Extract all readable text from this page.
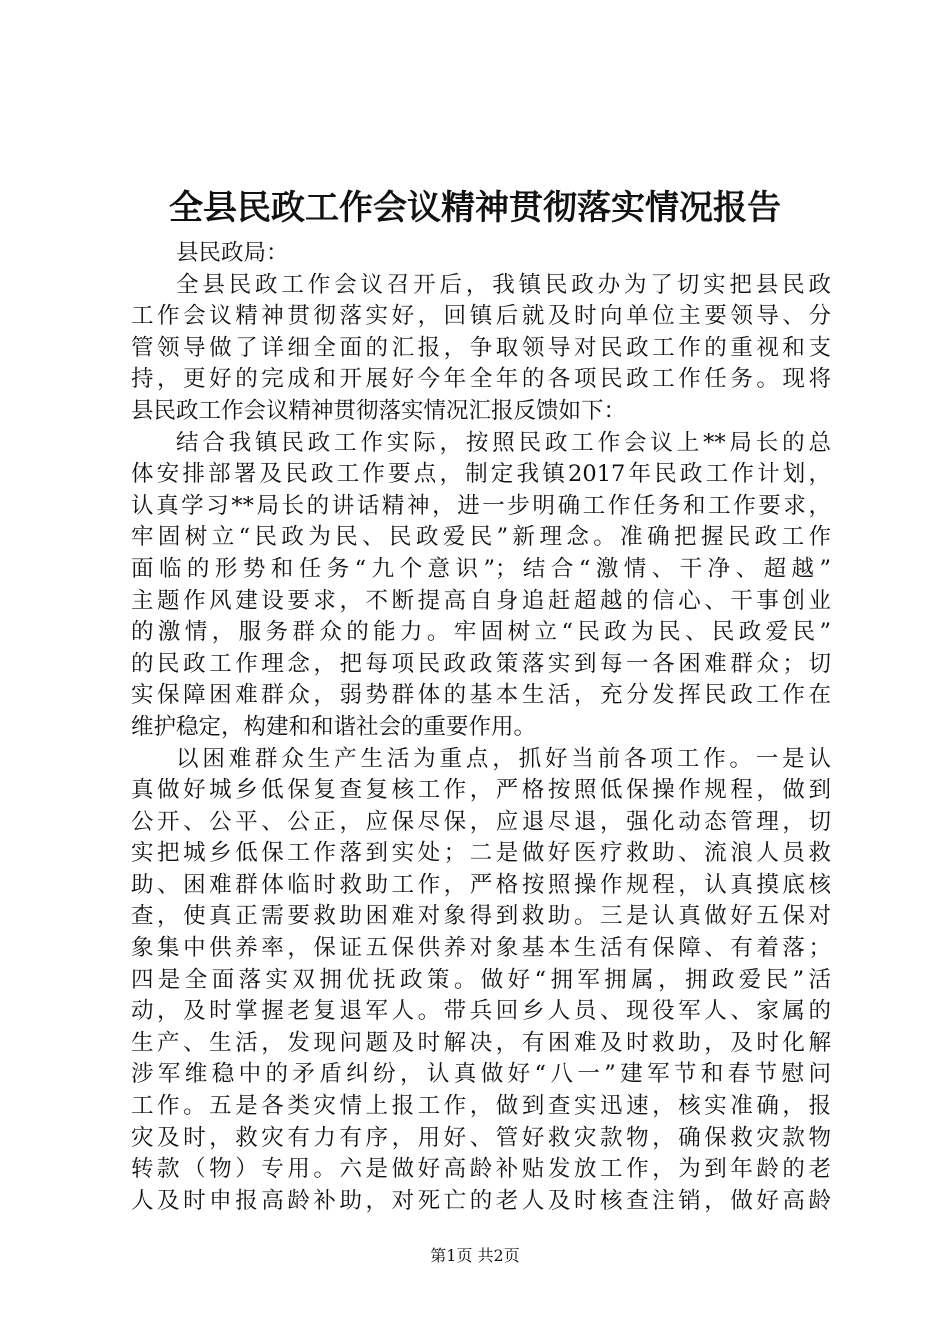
全县民政工作会议精神贯彻落实情况报告
县民政局：
全县民政工作会议召开后，我镇民政办为了切实把县民政
工作会议精神贯彻落实好，回镇后就及时向单位主要领导、分
管领导做了详细全面的汇报，争取领导对民政工作的重视和支
持，更好的完成和开展好今年全年的各项民政工作任务。现将
县民政工作会议精神贯彻落实情况汇报反馈如下：
结合我镇民政工作实际，按照民政工作会议上**局长的总
体安排部署及民政工作要点，制定我镇2017年民政工作计划，
认真学习**局长的讲话精神，进一步明确工作任务和工作要求，
牢固树立“民政为民、民政爱民”新理念。准确把握民政工作
面临的形势和任务“九个意识”；结合“激情、干净、超越”
主题作风建设要求，不断提高自身追赶超越的信心、干事创业
的激情，服务群众的能力。牢固树立“民政为民、民政爱民”
的民政工作理念，把每项民政政策落实到每一各困难群众；切
实保障困难群众，弱势群体的基本生活，充分发挥民政工作在
维护稳定，构建和和谐社会的重要作用。
以困难群众生产生活为重点，抓好当前各项工作。一是认
真做好城乡低保复查复核工作，严格按照低保操作规程，做到
公开、公平、公正，应保尽保，应退尽退，强化动态管理，切
实把城乡低保工作落到实处；二是做好医疗救助、流浪人员救
助、困难群体临时救助工作，严格按照操作规程，认真摸底核
查，使真正需要救助困难对象得到救助。三是认真做好五保对
象集中供养率，保证五保供养对象基本生活有保障、有着落；
四是全面落实双拥优抚政策。做好“拥军拥属，拥政爱民”活
动，及时掌握老复退军人。带兵回乡人员、现役军人、家属的
生产、生活，发现问题及时解决，有困难及时救助，及时化解
涉军维稳中的矛盾纠纷，认真做好“八一”建军节和春节慰问
工作。五是各类灾情上报工作，做到查实迅速，核实准确，报
灾及时，救灾有力有序，用好、管好救灾款物，确保救灾款物
转款（物）专用。六是做好高龄补贴发放工作，为到年龄的老
人及时申报高龄补助，对死亡的老人及时核查注销，做好高龄
第1页 共2页
